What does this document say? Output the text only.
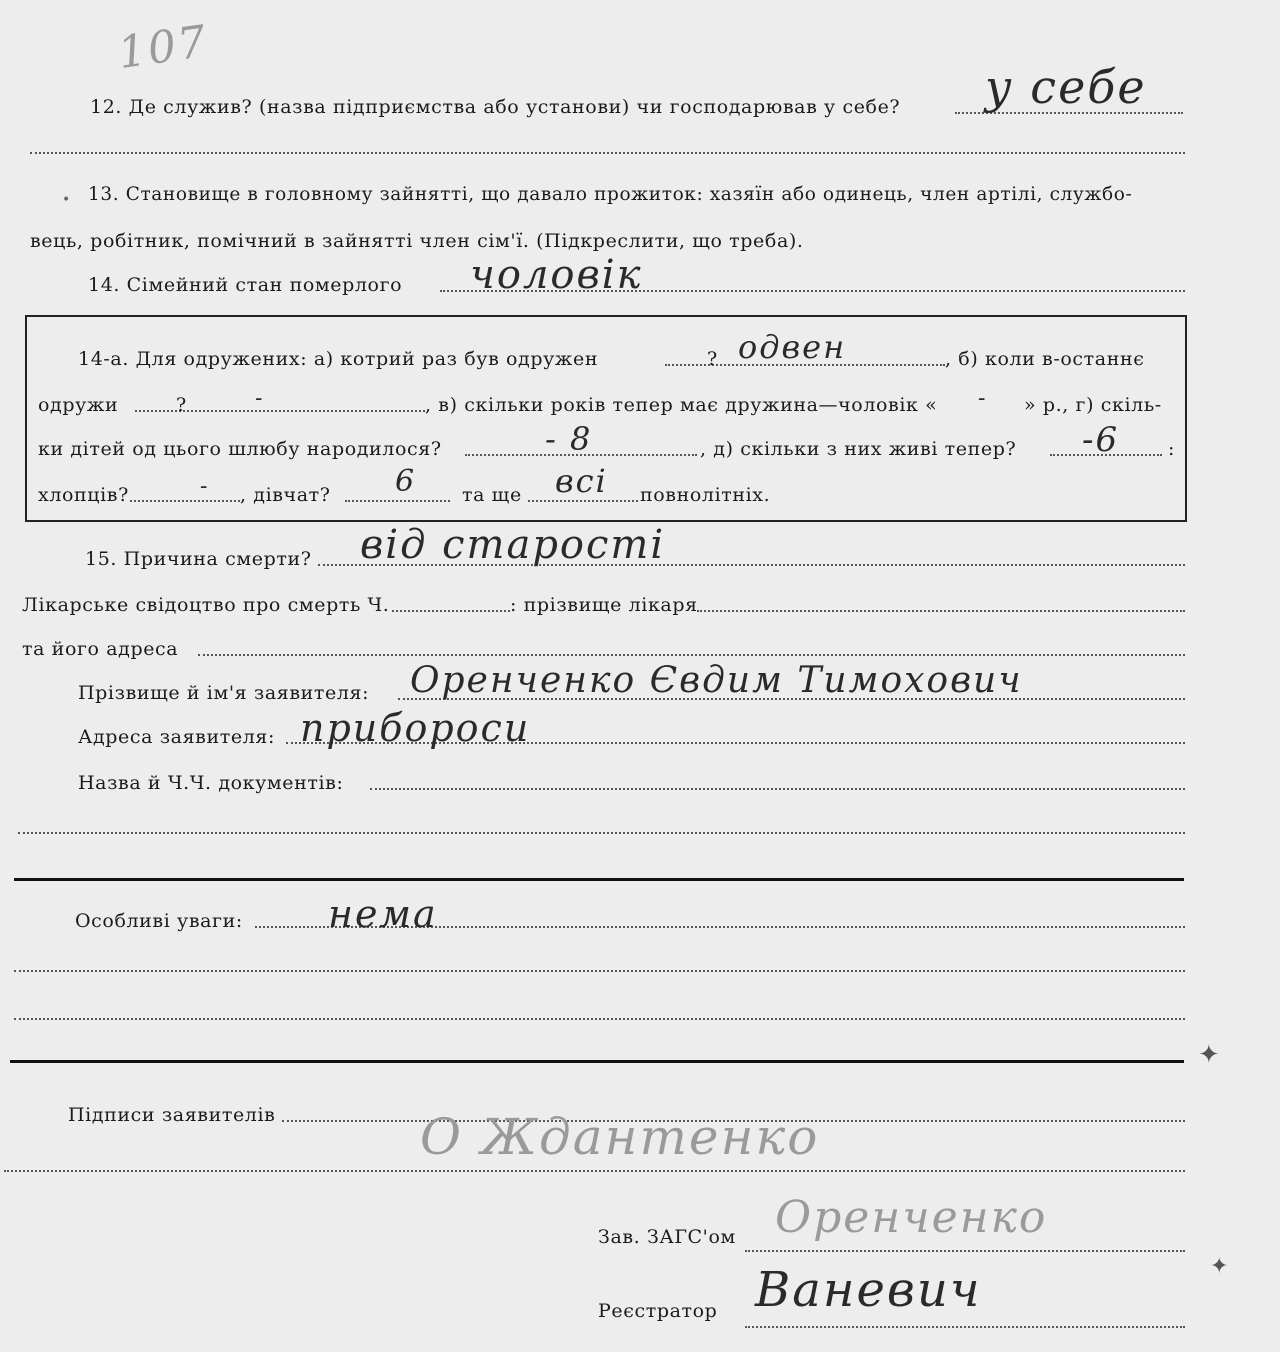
107
12. Де служив? (назва підприємства або установи) чи господарював у себе? у себе
• 13. Становище в головному зайнятті, що давало прожиток: хазяїн або одинець, член артілі, службо-
вець, робітник, помічний в зайнятті член сім'ї. (Підкреслити, що треба).
14. Сімейний стан померлого чоловік
14-а. Для одружених: а) котрий раз був одружен	? одвен	, б) коли в-останнє
одружи	?	-	, в) скільки років тепер має дружина—чоловік « - » р., г) скіль-
ки дітей од цього шлюбу народилося?	- 8	, д) скільки з них живі тепер? -6	:
хлопців?	- , дівчат? 6 та ще всі повнолітніх.
15. Причина смерти? від старості
Лікарське свідоцтво про смерть Ч.	: прізвище лікаря
та його адреса
Прізвище й ім'я заявителя: Оренченко Євдим Тимохович
Адреса заявителя: прибороси
Назва й Ч.Ч. документів:
Особливі уваги: нема
Підписи заявителів	О Ждантенко
Зав. ЗАГС'ом Оренченко
Реєстратор Ваневич
✦
✦
